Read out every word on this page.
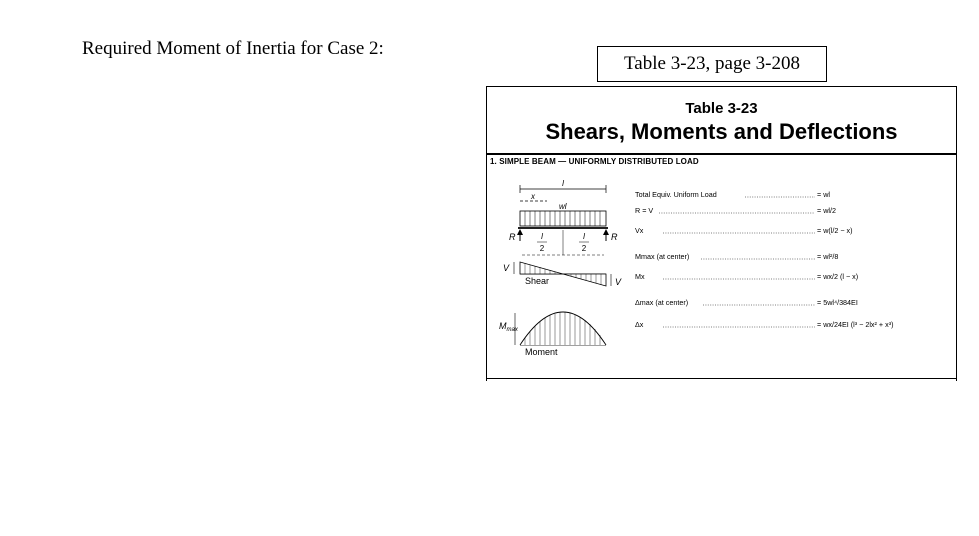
Required Moment of Inertia for Case 2:
Table 3-23, page 3-208
Table 3-23
Shears, Moments and Deflections
1. SIMPLE BEAM — UNIFORMLY DISTRIBUTED LOAD
l
x
wl
R	R
l
2
l
2
V
V
Shear
$M_{max}$
Moment
Total Equiv. Uniform Load	= wl
R = V	= wl/2
Vx	= w(l/2 − x)
Mmax (at center)	= wl²/8
Mx	= wx/2 (l − x)
Δmax (at center)	= 5wl⁴/384EI
Δx	= wx/24EI (l³ − 2lx² + x³)
